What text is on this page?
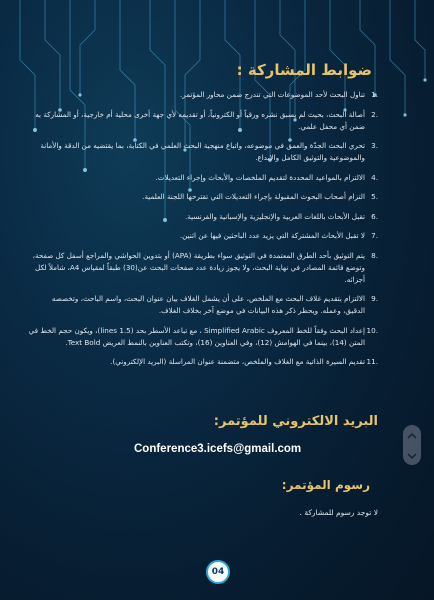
ضوابط المشاركة :
.1
تناول البحث لأحد الموضوعات التي تندرج ضمن محاور المؤتمر.
.2
أصالة البحث، بحيث لم يسبق نشره ورقياً أو الكترونياً، أو تقديمه لأي جهة أخرى محلية أم خارجية، أو المشاركة به ضمن أي محفل علمي.
.3
تحري البحث الجدّة والعمق في موضوعه، واتباع منهجية البحث العلمي في الكتابة، بما يقتضيه من الدقة والأمانة والموضوعية والتوثيق الكامل والإبداع.
.4
الالتزام بالمواعيد المحددة لتقديم الملخصات والأبحاث وإجراء التعديلات.
.5
التزام أصحاب البحوث المقبولة بإجراء التعديلات التي تقترحها اللجنة العلمية.
.6
تقبل الأبحاث باللغات العربية والإنجليزية والإسبانية والفرنسية.
.7
لا تقبل الأبحاث المشتركة التي يزيد عدد الباحثين فيها عن اثنين.
.8
يتم التوثيق بأحد الطرق المعتمدة في التوثيق سواء بطريقة (APA) أو بتدوين الحواشي والمراجع أسفل كل صفحة، وتوضع قائمة المصادر في نهاية البحث، ولا يجوز زيادة عدد صفحات البحث عن(30) طبقاً لمقياس A4، شاملاً لكل أجزائه.
.9
الالتزام بتقديم غلاف البحث مع الملخص، على أن يشمل الغلاف بيان عنوان البحث، واسم الباحث، وتخصصه الدقيق، وعمله. ويحظر ذكر هذه البيانات في موضع آخر بخلاف الغلاف.
.10
إعداد البحث وفقاً للخط المعروف Simplified Arabic ، مع تباعد الأسطر بحد (1.5 lines)، ويكون حجم الخط في المتن (14)، بينما في الهوامش (12)، وفي العناوين (16)، وتكتب العناوين بالنمط العريض Text Bold.
.11
تقديم السيرة الذاتية مع الغلاف والملخص، متضمنة عنوان المراسلة (البريد الإلكتروني).
البريد الالكتروني للمؤتمر:
Conference3.icefs@gmail.com
رسوم المؤتمر:
لا توجد رسوم للمشاركة .
04
